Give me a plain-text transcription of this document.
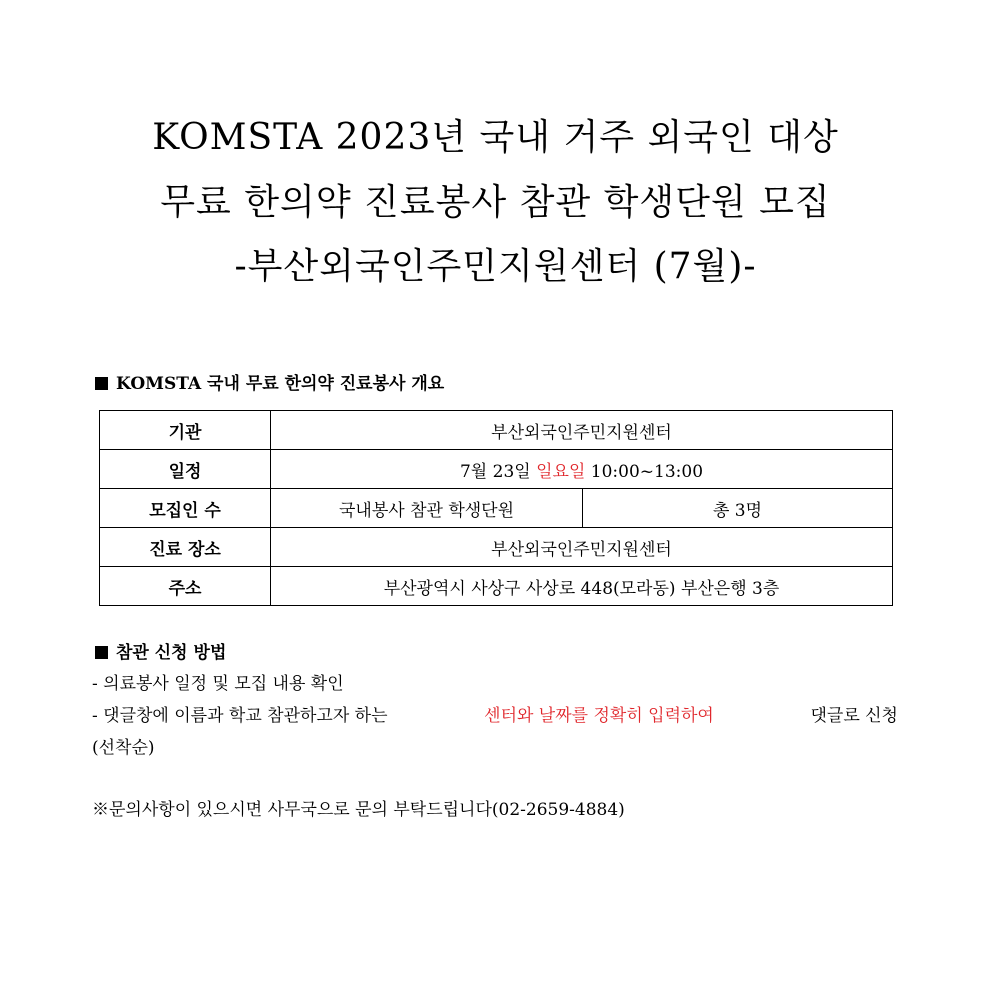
KOMSTA 2023년 국내 거주 외국인 대상
무료 한의약 진료봉사 참관 학생단원 모집
-부산외국인주민지원센터 (7월)-
KOMSTA 국내 무료 한의약 진료봉사 개요
기관	부산외국인주민지원센터	
일정	7월 23일 일요일 10:00~13:00	
모집인 수	국내봉사 참관 학생단원	총 3명
진료 장소	부산외국인주민지원센터	
주소	부산광역시 사상구 사상로 448(모라동) 부산은행 3층	
참관 신청 방법
- 의료봉사 일정 및 모집 내용 확인
- 댓글창에 이름과 학교 참관하고자 하는	센터와 날짜를 정확히 입력하여	댓글로 신청
(선착순)
※문의사항이 있으시면 사무국으로 문의 부탁드립니다(02-2659-4884)
